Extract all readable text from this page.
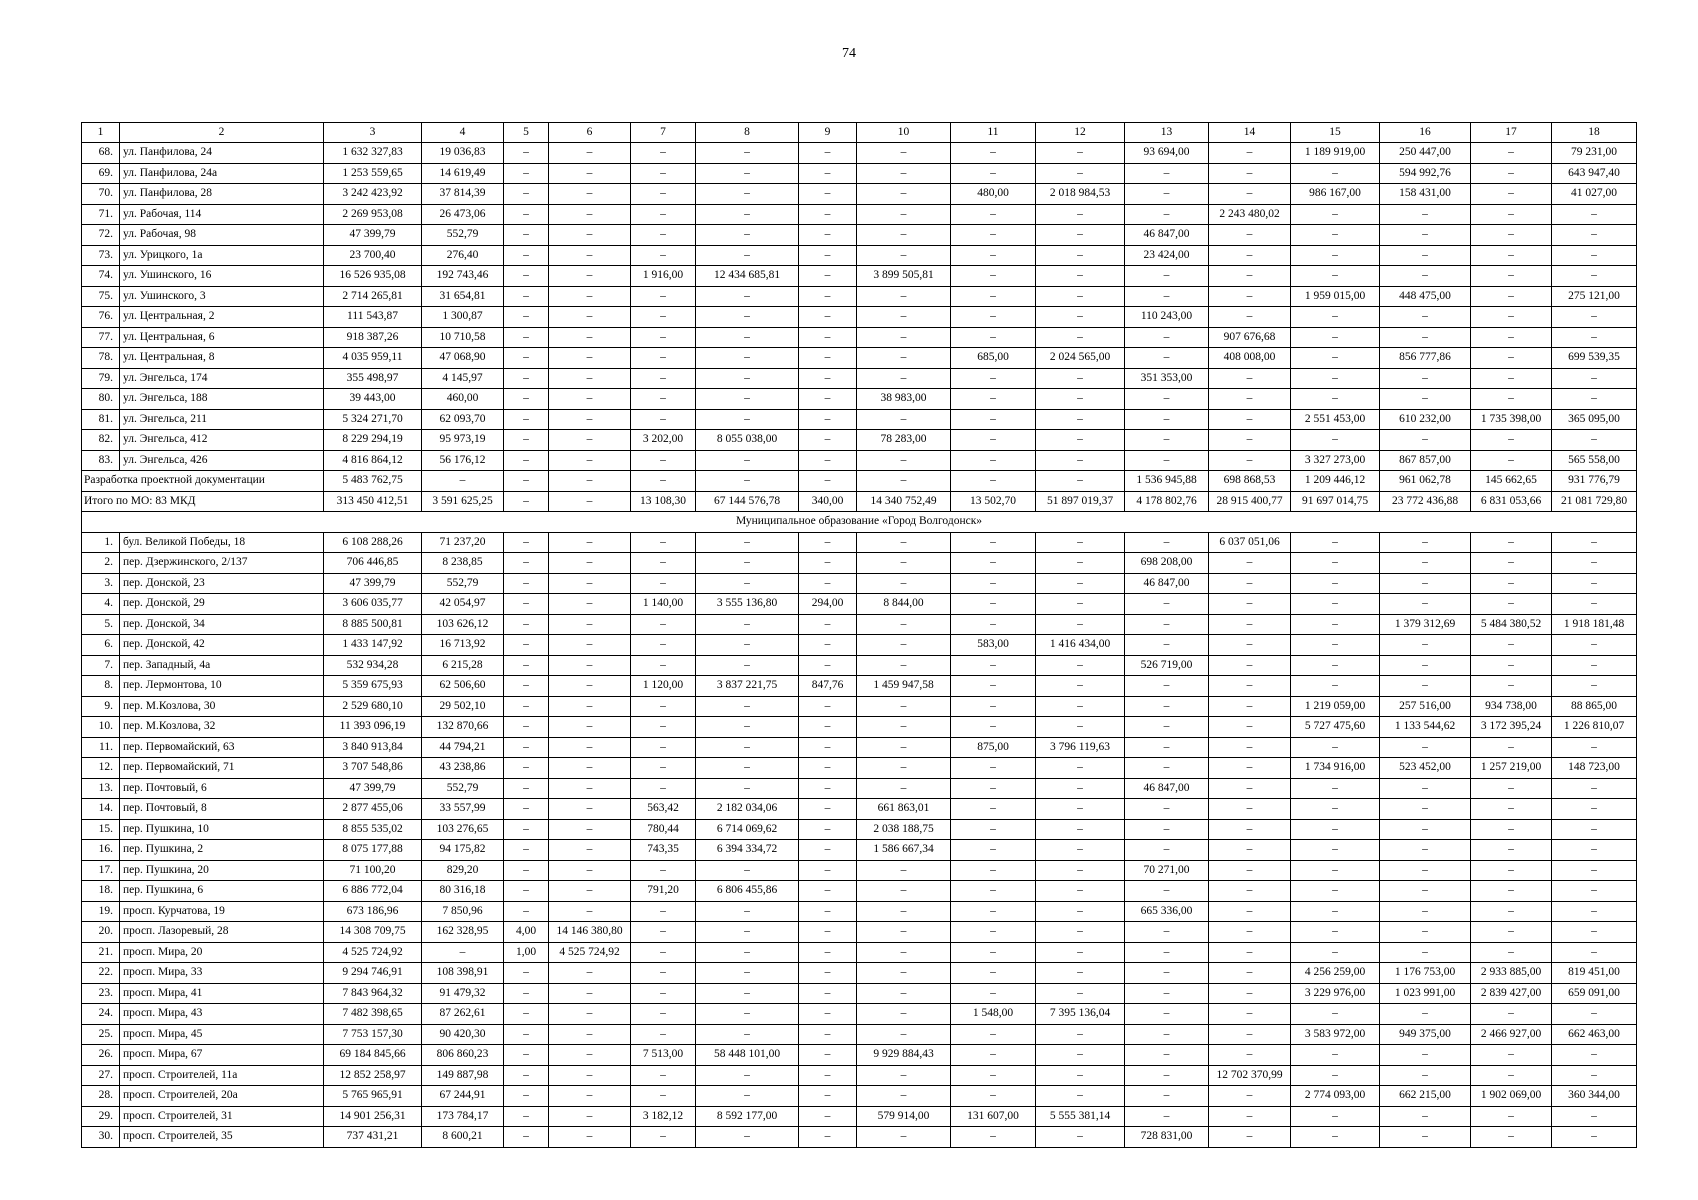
74
1	2	3	4	5	6	7	8	9	10	11	12	13	14	15	16	17	18
68.	ул. Панфилова, 24	1 632 327,83	19 036,83	–	–	–	–	–	–	–	–	93 694,00	–	1 189 919,00	250 447,00	–	79 231,00
69.	ул. Панфилова, 24а	1 253 559,65	14 619,49	–	–	–	–	–	–	–	–	–	–	–	594 992,76	–	643 947,40
70.	ул. Панфилова, 28	3 242 423,92	37 814,39	–	–	–	–	–	–	480,00	2 018 984,53	–	–	986 167,00	158 431,00	–	41 027,00
71.	ул. Рабочая, 114	2 269 953,08	26 473,06	–	–	–	–	–	–	–	–	–	2 243 480,02	–	–	–	–
72.	ул. Рабочая, 98	47 399,79	552,79	–	–	–	–	–	–	–	–	46 847,00	–	–	–	–	–
73.	ул. Урицкого, 1а	23 700,40	276,40	–	–	–	–	–	–	–	–	23 424,00	–	–	–	–	–
74.	ул. Ушинского, 16	16 526 935,08	192 743,46	–	–	1 916,00	12 434 685,81	–	3 899 505,81	–	–	–	–	–	–	–	–
75.	ул. Ушинского, 3	2 714 265,81	31 654,81	–	–	–	–	–	–	–	–	–	–	1 959 015,00	448 475,00	–	275 121,00
76.	ул. Центральная, 2	111 543,87	1 300,87	–	–	–	–	–	–	–	–	110 243,00	–	–	–	–	–
77.	ул. Центральная, 6	918 387,26	10 710,58	–	–	–	–	–	–	–	–	–	907 676,68	–	–	–	–
78.	ул. Центральная, 8	4 035 959,11	47 068,90	–	–	–	–	–	–	685,00	2 024 565,00	–	408 008,00	–	856 777,86	–	699 539,35
79.	ул. Энгельса, 174	355 498,97	4 145,97	–	–	–	–	–	–	–	–	351 353,00	–	–	–	–	–
80.	ул. Энгельса, 188	39 443,00	460,00	–	–	–	–	–	38 983,00	–	–	–	–	–	–	–	–
81.	ул. Энгельса, 211	5 324 271,70	62 093,70	–	–	–	–	–	–	–	–	–	–	2 551 453,00	610 232,00	1 735 398,00	365 095,00
82.	ул. Энгельса, 412	8 229 294,19	95 973,19	–	–	3 202,00	8 055 038,00	–	78 283,00	–	–	–	–	–	–	–	–
83.	ул. Энгельса, 426	4 816 864,12	56 176,12	–	–	–	–	–	–	–	–	–	–	3 327 273,00	867 857,00	–	565 558,00
Разработка проектной документации		5 483 762,75	–	–	–	–	–	–	–	–	–	1 536 945,88	698 868,53	1 209 446,12	961 062,78	145 662,65	931 776,79
Итого по МО: 83 МКД		313 450 412,51	3 591 625,25	–	–	13 108,30	67 144 576,78	340,00	14 340 752,49	13 502,70	51 897 019,37	4 178 802,76	28 915 400,77	91 697 014,75	23 772 436,88	6 831 053,66	21 081 729,80
Муниципальное образование «Город Волгодонск»																	
1.	бул. Великой Победы, 18	6 108 288,26	71 237,20	–	–	–	–	–	–	–	–	–	6 037 051,06	–	–	–	–
2.	пер. Дзержинского, 2/137	706 446,85	8 238,85	–	–	–	–	–	–	–	–	698 208,00	–	–	–	–	–
3.	пер. Донской, 23	47 399,79	552,79	–	–	–	–	–	–	–	–	46 847,00	–	–	–	–	–
4.	пер. Донской, 29	3 606 035,77	42 054,97	–	–	1 140,00	3 555 136,80	294,00	8 844,00	–	–	–	–	–	–	–	–
5.	пер. Донской, 34	8 885 500,81	103 626,12	–	–	–	–	–	–	–	–	–	–	–	1 379 312,69	5 484 380,52	1 918 181,48
6.	пер. Донской, 42	1 433 147,92	16 713,92	–	–	–	–	–	–	583,00	1 416 434,00	–	–	–	–	–	–
7.	пер. Западный, 4а	532 934,28	6 215,28	–	–	–	–	–	–	–	–	526 719,00	–	–	–	–	–
8.	пер. Лермонтова, 10	5 359 675,93	62 506,60	–	–	1 120,00	3 837 221,75	847,76	1 459 947,58	–	–	–	–	–	–	–	–
9.	пер. М.Козлова, 30	2 529 680,10	29 502,10	–	–	–	–	–	–	–	–	–	–	1 219 059,00	257 516,00	934 738,00	88 865,00
10.	пер. М.Козлова, 32	11 393 096,19	132 870,66	–	–	–	–	–	–	–	–	–	–	5 727 475,60	1 133 544,62	3 172 395,24	1 226 810,07
11.	пер. Первомайский, 63	3 840 913,84	44 794,21	–	–	–	–	–	–	875,00	3 796 119,63	–	–	–	–	–	–
12.	пер. Первомайский, 71	3 707 548,86	43 238,86	–	–	–	–	–	–	–	–	–	–	1 734 916,00	523 452,00	1 257 219,00	148 723,00
13.	пер. Почтовый, 6	47 399,79	552,79	–	–	–	–	–	–	–	–	46 847,00	–	–	–	–	–
14.	пер. Почтовый, 8	2 877 455,06	33 557,99	–	–	563,42	2 182 034,06	–	661 863,01	–	–	–	–	–	–	–	–
15.	пер. Пушкина, 10	8 855 535,02	103 276,65	–	–	780,44	6 714 069,62	–	2 038 188,75	–	–	–	–	–	–	–	–
16.	пер. Пушкина, 2	8 075 177,88	94 175,82	–	–	743,35	6 394 334,72	–	1 586 667,34	–	–	–	–	–	–	–	–
17.	пер. Пушкина, 20	71 100,20	829,20	–	–	–	–	–	–	–	–	70 271,00	–	–	–	–	–
18.	пер. Пушкина, 6	6 886 772,04	80 316,18	–	–	791,20	6 806 455,86	–	–	–	–	–	–	–	–	–	–
19.	просп. Курчатова, 19	673 186,96	7 850,96	–	–	–	–	–	–	–	–	665 336,00	–	–	–	–	–
20.	просп. Лазоревый, 28	14 308 709,75	162 328,95	4,00	14 146 380,80	–	–	–	–	–	–	–	–	–	–	–	–
21.	просп. Мира, 20	4 525 724,92	–	1,00	4 525 724,92	–	–	–	–	–	–	–	–	–	–	–	–
22.	просп. Мира, 33	9 294 746,91	108 398,91	–	–	–	–	–	–	–	–	–	–	4 256 259,00	1 176 753,00	2 933 885,00	819 451,00
23.	просп. Мира, 41	7 843 964,32	91 479,32	–	–	–	–	–	–	–	–	–	–	3 229 976,00	1 023 991,00	2 839 427,00	659 091,00
24.	просп. Мира, 43	7 482 398,65	87 262,61	–	–	–	–	–	–	1 548,00	7 395 136,04	–	–	–	–	–	–
25.	просп. Мира, 45	7 753 157,30	90 420,30	–	–	–	–	–	–	–	–	–	–	3 583 972,00	949 375,00	2 466 927,00	662 463,00
26.	просп. Мира, 67	69 184 845,66	806 860,23	–	–	7 513,00	58 448 101,00	–	9 929 884,43	–	–	–	–	–	–	–	–
27.	просп. Строителей, 11а	12 852 258,97	149 887,98	–	–	–	–	–	–	–	–	–	12 702 370,99	–	–	–	–
28.	просп. Строителей, 20а	5 765 965,91	67 244,91	–	–	–	–	–	–	–	–	–	–	2 774 093,00	662 215,00	1 902 069,00	360 344,00
29.	просп. Строителей, 31	14 901 256,31	173 784,17	–	–	3 182,12	8 592 177,00	–	579 914,00	131 607,00	5 555 381,14	–	–	–	–	–	–
30.	просп. Строителей, 35	737 431,21	8 600,21	–	–	–	–	–	–	–	–	728 831,00	–	–	–	–	–
